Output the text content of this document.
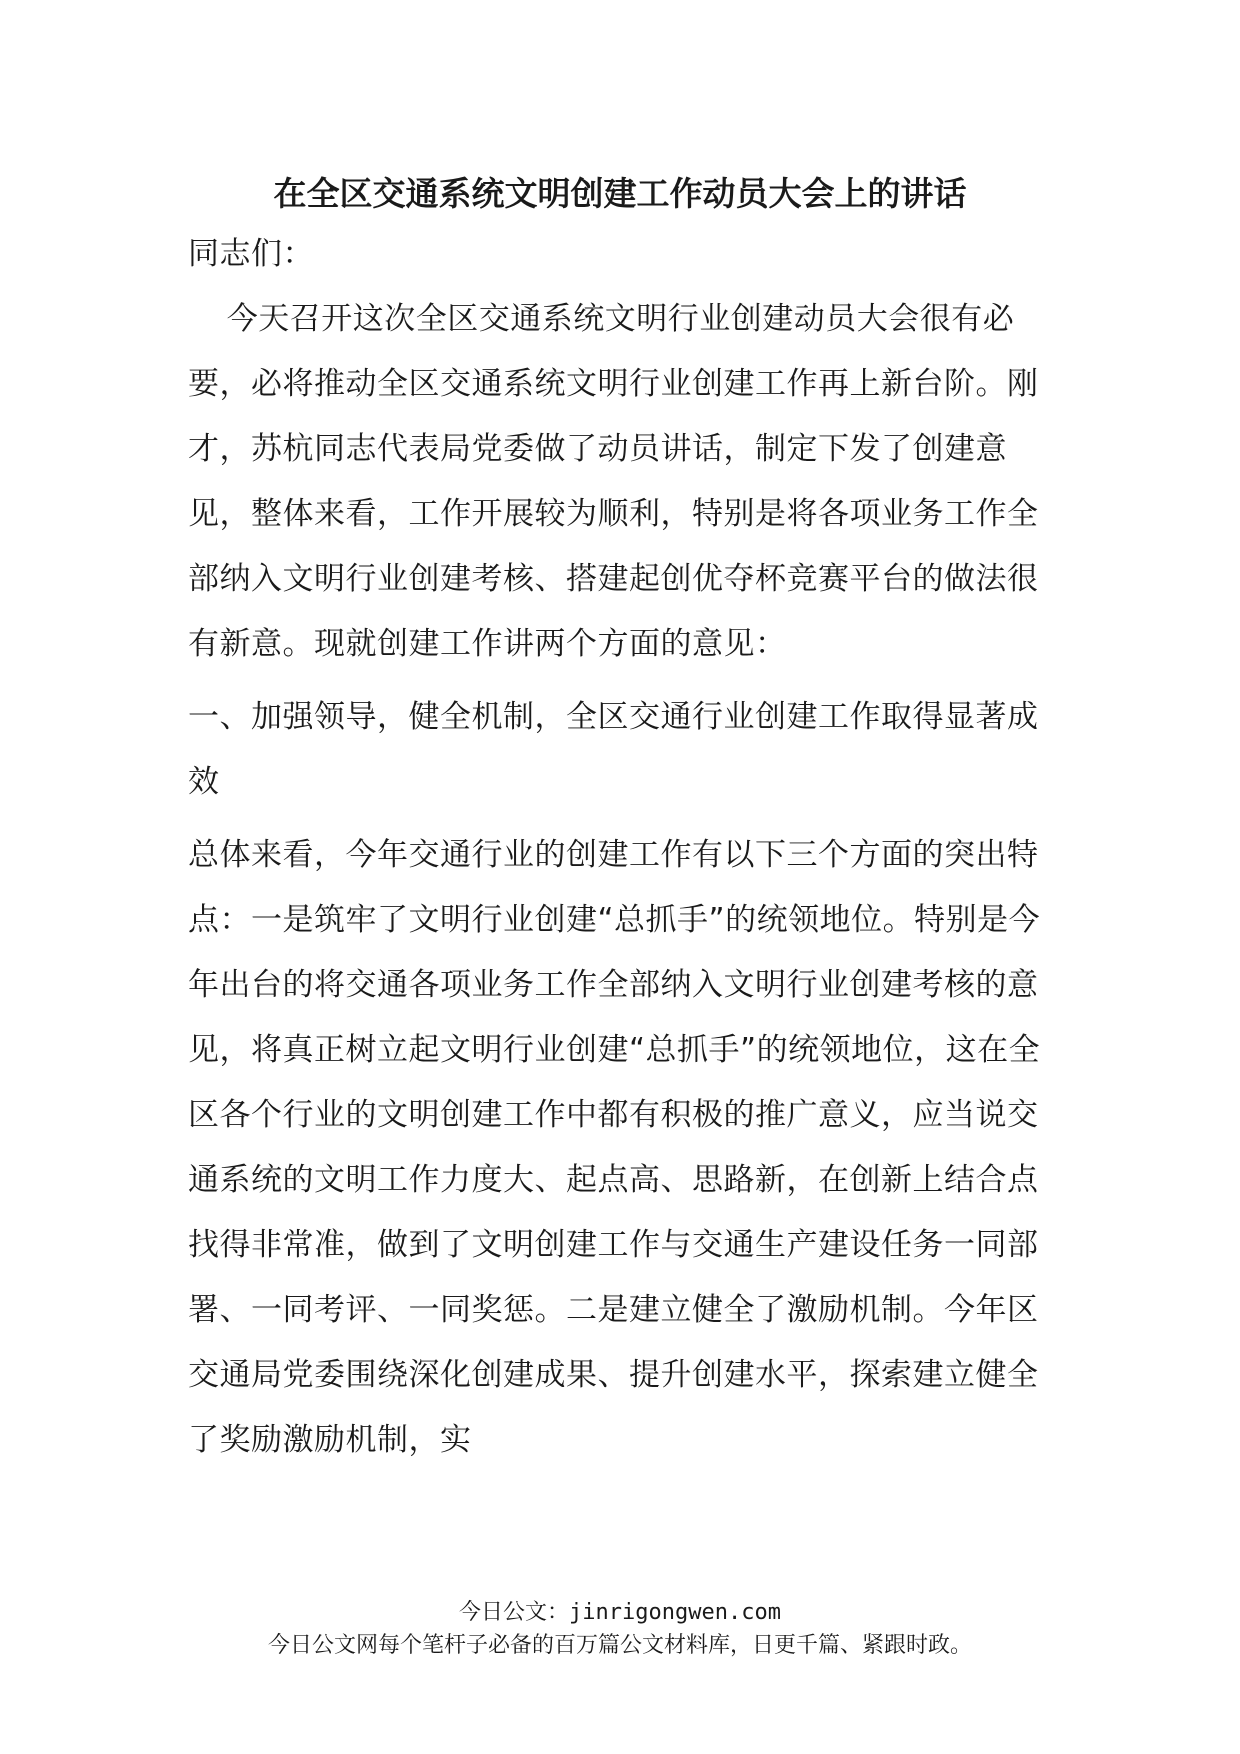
在全区交通系统文明创建工作动员大会上的讲话

同志们：

今天召开这次全区交通系统文明行业创建动员大会很有必要，必将推动全区交通系统文明行业创建工作再上新台阶。刚才，苏杭同志代表局党委做了动员讲话，制定下发了创建意见，整体来看，工作开展较为顺利，特别是将各项业务工作全部纳入文明行业创建考核、搭建起创优夺杯竞赛平台的做法很有新意。现就创建工作讲两个方面的意见：

一、加强领导，健全机制，全区交通行业创建工作取得显著成效

总体来看，今年交通行业的创建工作有以下三个方面的突出特点：一是筑牢了文明行业创建“总抓手”的统领地位。特别是今年出台的将交通各项业务工作全部纳入文明行业创建考核的意见，将真正树立起文明行业创建“总抓手”的统领地位，这在全区各个行业的文明创建工作中都有积极的推广意义，应当说交通系统的文明工作力度大、起点高、思路新，在创新上结合点找得非常准，做到了文明创建工作与交通生产建设任务一同部署、一同考评、一同奖惩。二是建立健全了激励机制。今年区交通局党委围绕深化创建成果、提升创建水平，探索建立健全了奖励激励机制，实

今日公文：jinrigongwen.com

今日公文网每个笔杆子必备的百万篇公文材料库，日更千篇、紧跟时政。
